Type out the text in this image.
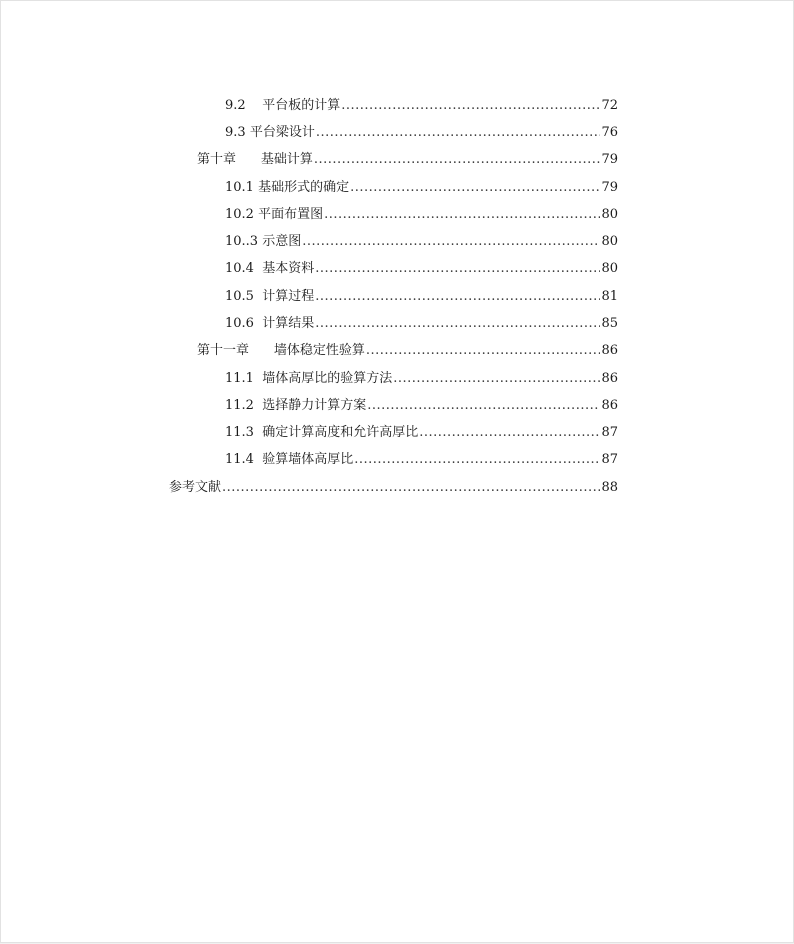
9.2 平台板的计算 .....	72
9.3 平台梁设计 .....	76
第十章 基础计算 .....	79
10.1 基础形式的确定 .....	79
10.2 平面布置图 .....	80
10..3 示意图 .....	80
10.4 基本资料 .....	80
10.5 计算过程 .....	81
10.6 计算结果 .....	85
第十一章 墙体稳定性验算 .....	86
11.1 墙体高厚比的验算方法 .....	86
11.2 选择静力计算方案 .....	86
11.3 确定计算高度和允许高厚比 .....	87
11.4 验算墙体高厚比 .....	87
参考文献 .....	88
